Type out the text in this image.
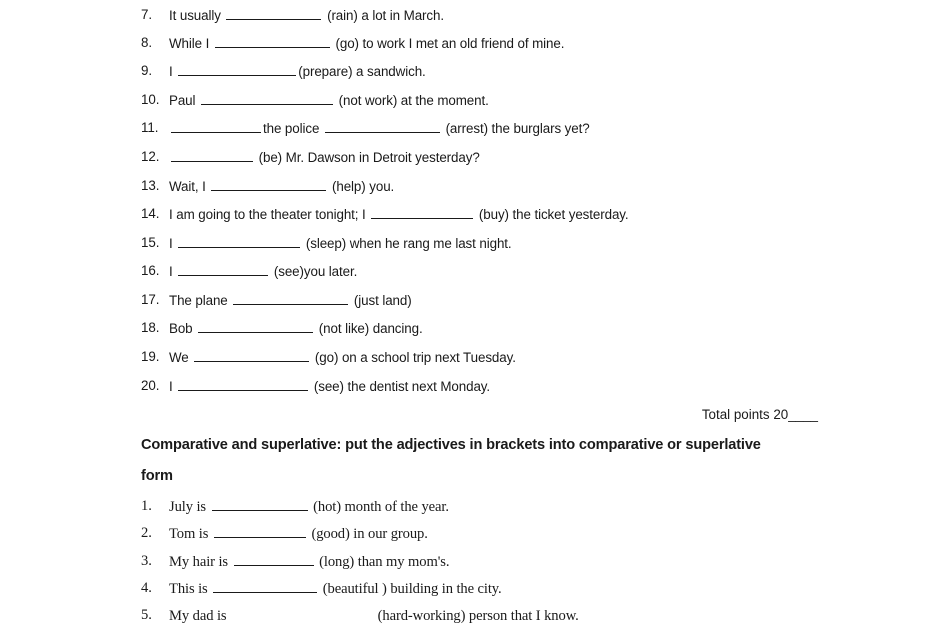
7. It usually	(rain) a lot in March.
8. While I	(go) to work I met an old friend of mine.
9. I	(prepare) a sandwich.
10. Paul	(not work) at the moment.
11.	the police	(arrest) the burglars yet?
12.	(be) Mr. Dawson in Detroit yesterday?
13. Wait, I	(help) you.
14. I am going to the theater tonight; I	(buy) the ticket yesterday.
15. I	(sleep) when he rang me last night.
16. I	(see)you later.
17. The plane	(just land)
18. Bob	(not like) dancing.
19. We	(go) on a school trip next Tuesday.
20. I	(see) the dentist next Monday.
Total points 20____
Comparative and superlative: put the adjectives in brackets into comparative or superlative
form
1. July is	(hot) month of the year.
2. Tom is	(good) in our group.
3. My hair is	(long) than my mom's.
4. This is	(beautiful ) building in the city.
5. My dad is	(hard-working) person that I know.
